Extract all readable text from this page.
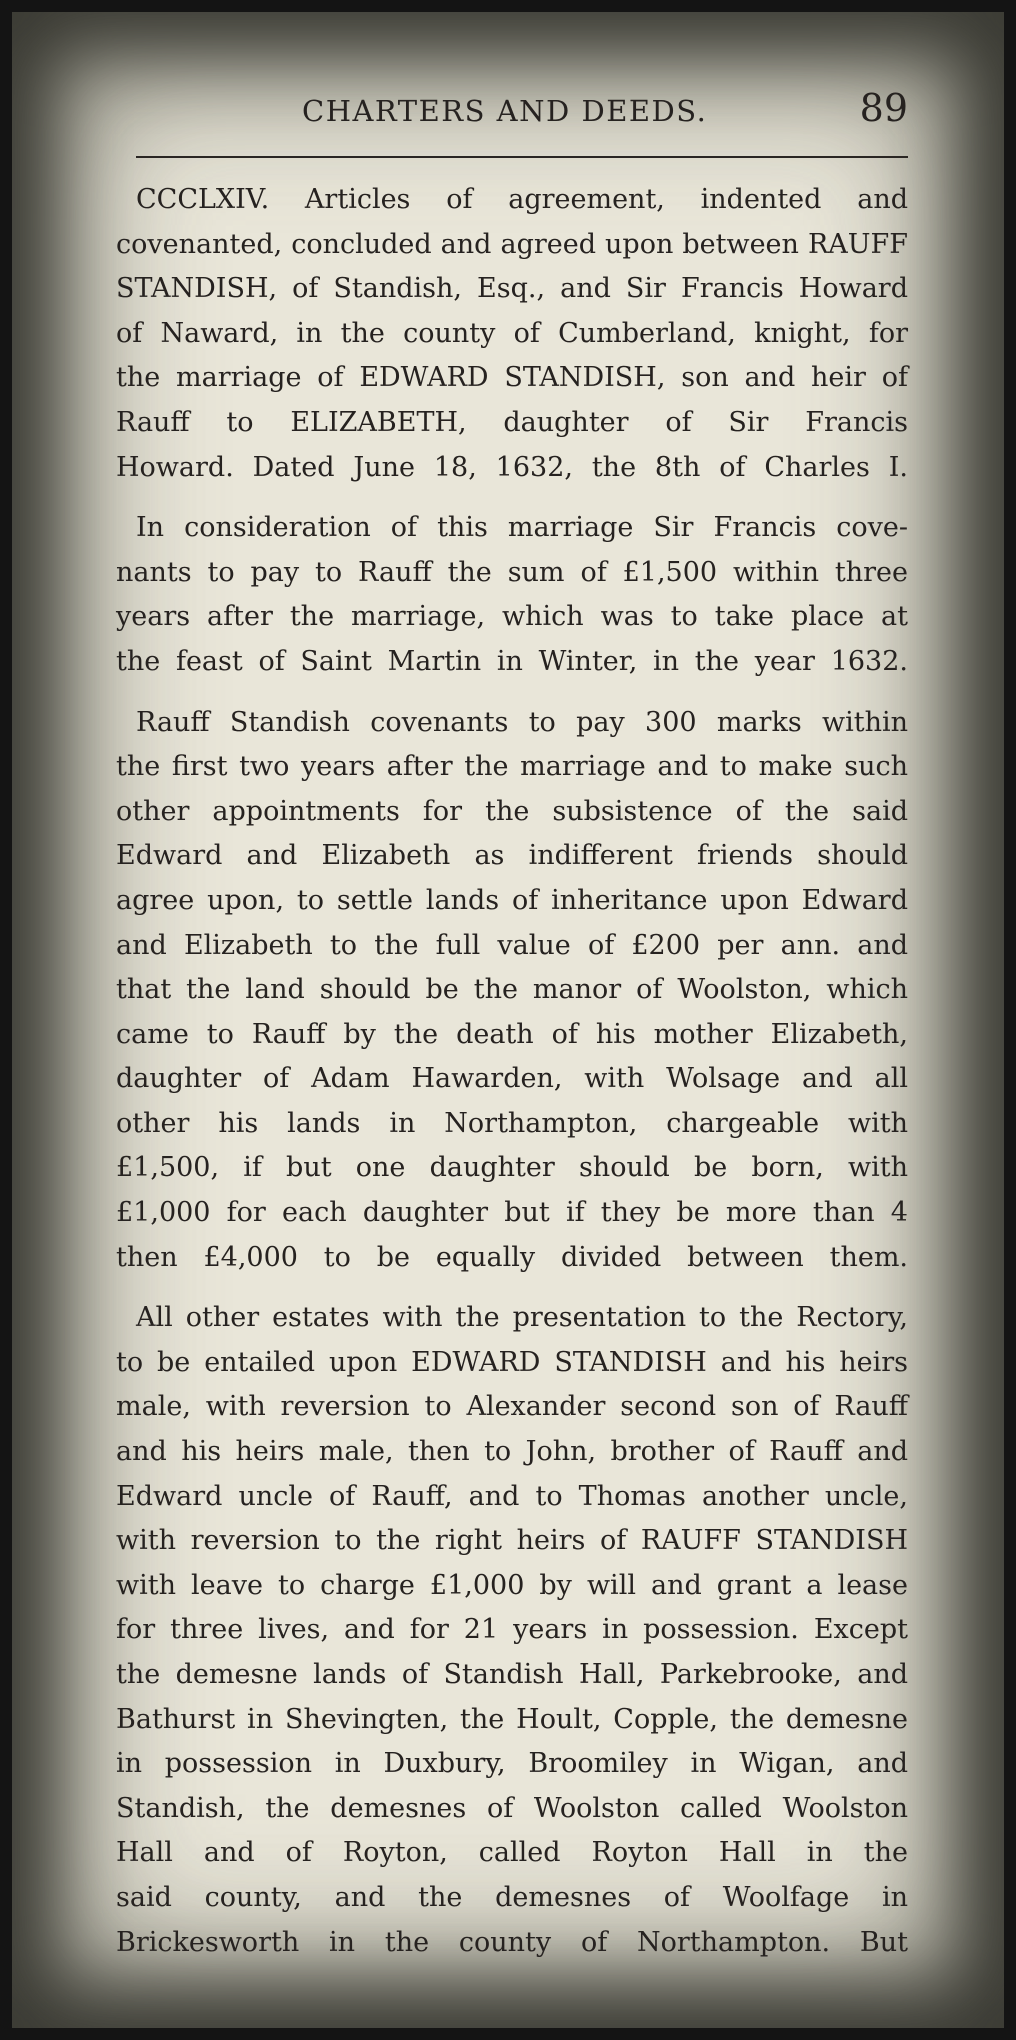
CHARTERS AND DEEDS.	89

CCCLXIV. Articles of agreement, indented and
covenanted, concluded and agreed upon between RAUFF
STANDISH, of Standish, Esq., and Sir Francis Howard
of Naward, in the county of Cumberland, knight, for
the marriage of EDWARD STANDISH, son and heir of
Rauff to ELIZABETH, daughter of Sir Francis
Howard. Dated June 18, 1632, the 8th of Charles I.

In consideration of this marriage Sir Francis cove-
nants to pay to Rauff the sum of £1,500 within three
years after the marriage, which was to take place at
the feast of Saint Martin in Winter, in the year 1632.

Rauff Standish covenants to pay 300 marks within
the first two years after the marriage and to make such
other appointments for the subsistence of the said
Edward and Elizabeth as indifferent friends should
agree upon, to settle lands of inheritance upon Edward
and Elizabeth to the full value of £200 per ann. and
that the land should be the manor of Woolston, which
came to Rauff by the death of his mother Elizabeth,
daughter of Adam Hawarden, with Wolsage and all
other his lands in Northampton, chargeable with
£1,500, if but one daughter should be born, with
£1,000 for each daughter but if they be more than 4
then £4,000 to be equally divided between them.

All other estates with the presentation to the Rectory,
to be entailed upon EDWARD STANDISH and his heirs
male, with reversion to Alexander second son of Rauff
and his heirs male, then to John, brother of Rauff and
Edward uncle of Rauff, and to Thomas another uncle,
with reversion to the right heirs of RAUFF STANDISH
with leave to charge £1,000 by will and grant a lease
for three lives, and for 21 years in possession. Except
the demesne lands of Standish Hall, Parkebrooke, and
Bathurst in Shevingten, the Hoult, Copple, the demesne
in possession in Duxbury, Broomiley in Wigan, and
Standish, the demesnes of Woolston called Woolston
Hall and of Royton, called Royton Hall in the
said county, and the demesnes of Woolfage in
Brickesworth in the county of Northampton. But
